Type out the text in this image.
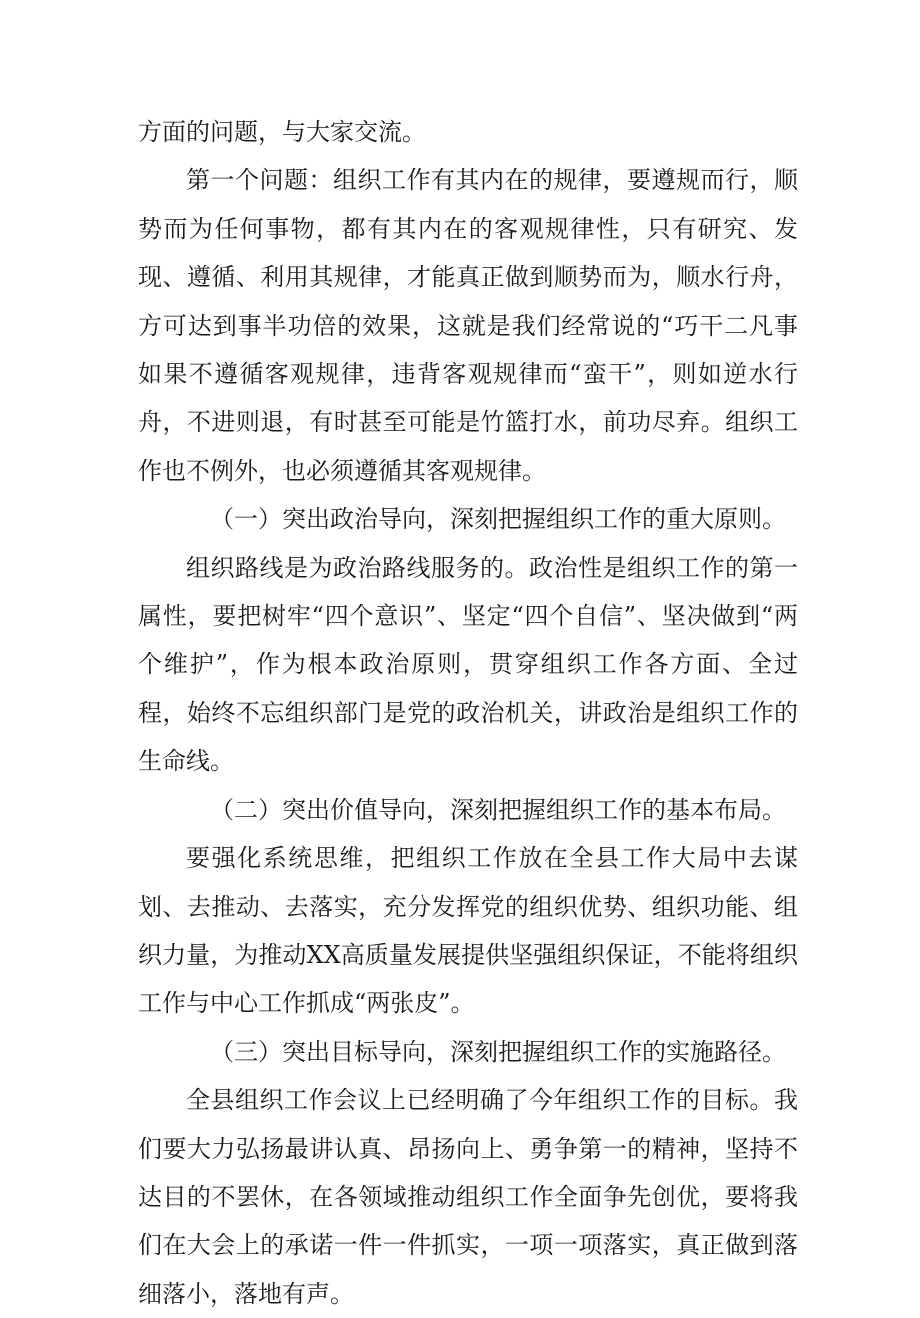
方面的问题，与大家交流。

第一个问题：组织工作有其内在的规律，要遵规而行，顺势而为任何事物，都有其内在的客观规律性，只有研究、发现、遵循、利用其规律，才能真正做到顺势而为，顺水行舟，方可达到事半功倍的效果，这就是我们经常说的“巧干二凡事如果不遵循客观规律，违背客观规律而“蛮干”，则如逆水行舟，不进则退，有时甚至可能是竹篮打水，前功尽弃。组织工作也不例外，也必须遵循其客观规律。

（一）突出政治导向，深刻把握组织工作的重大原则。

组织路线是为政治路线服务的。政治性是组织工作的第一属性，要把树牢“四个意识”、坚定“四个自信”、坚决做到“两个维护”，作为根本政治原则，贯穿组织工作各方面、全过程，始终不忘组织部门是党的政治机关，讲政治是组织工作的生命线。

（二）突出价值导向，深刻把握组织工作的基本布局。

要强化系统思维，把组织工作放在全县工作大局中去谋划、去推动、去落实，充分发挥党的组织优势、组织功能、组织力量，为推动XX高质量发展提供坚强组织保证，不能将组织工作与中心工作抓成“两张皮”。

（三）突出目标导向，深刻把握组织工作的实施路径。

全县组织工作会议上已经明确了今年组织工作的目标。我们要大力弘扬最讲认真、昂扬向上、勇争第一的精神，坚持不达目的不罢休，在各领域推动组织工作全面争先创优，要将我们在大会上的承诺一件一件抓实，一项一项落实，真正做到落细落小，落地有声。
